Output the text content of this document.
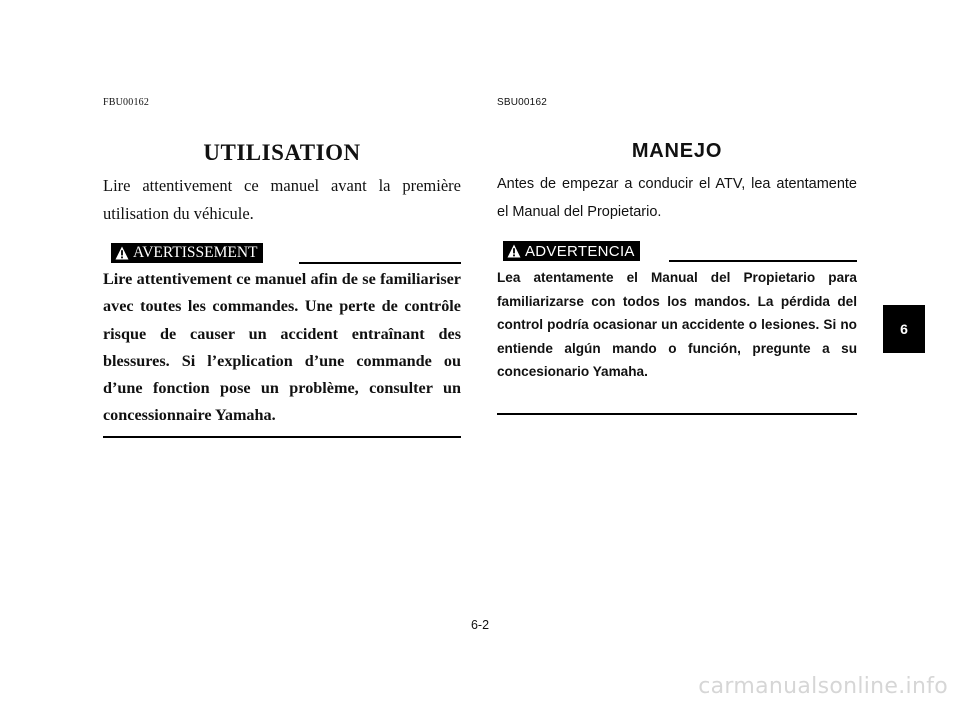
FBU00162
UTILISATION

Lire attentivement ce manuel avant la première utilisation du véhicule.

AVERTISSEMENT

Lire attentivement ce manuel afin de se familiariser avec toutes les commandes. Une perte de contrôle risque de causer un accident entraînant des blessures. Si l’explication d’une commande ou d’une fonction pose un problème, consulter un concessionnaire Yamaha.

SBU00162
MANEJO

Antes de empezar a conducir el ATV, lea atentamente el Manual del Propietario.

ADVERTENCIA

Lea atentamente el Manual del Propietario para familiarizarse con todos los mandos. La pérdida del control podría ocasionar un accidente o lesiones. Si no entiende algún mando o función, pregunte a su concesionario Yamaha.

6
6-2
carmanualsonline.info
